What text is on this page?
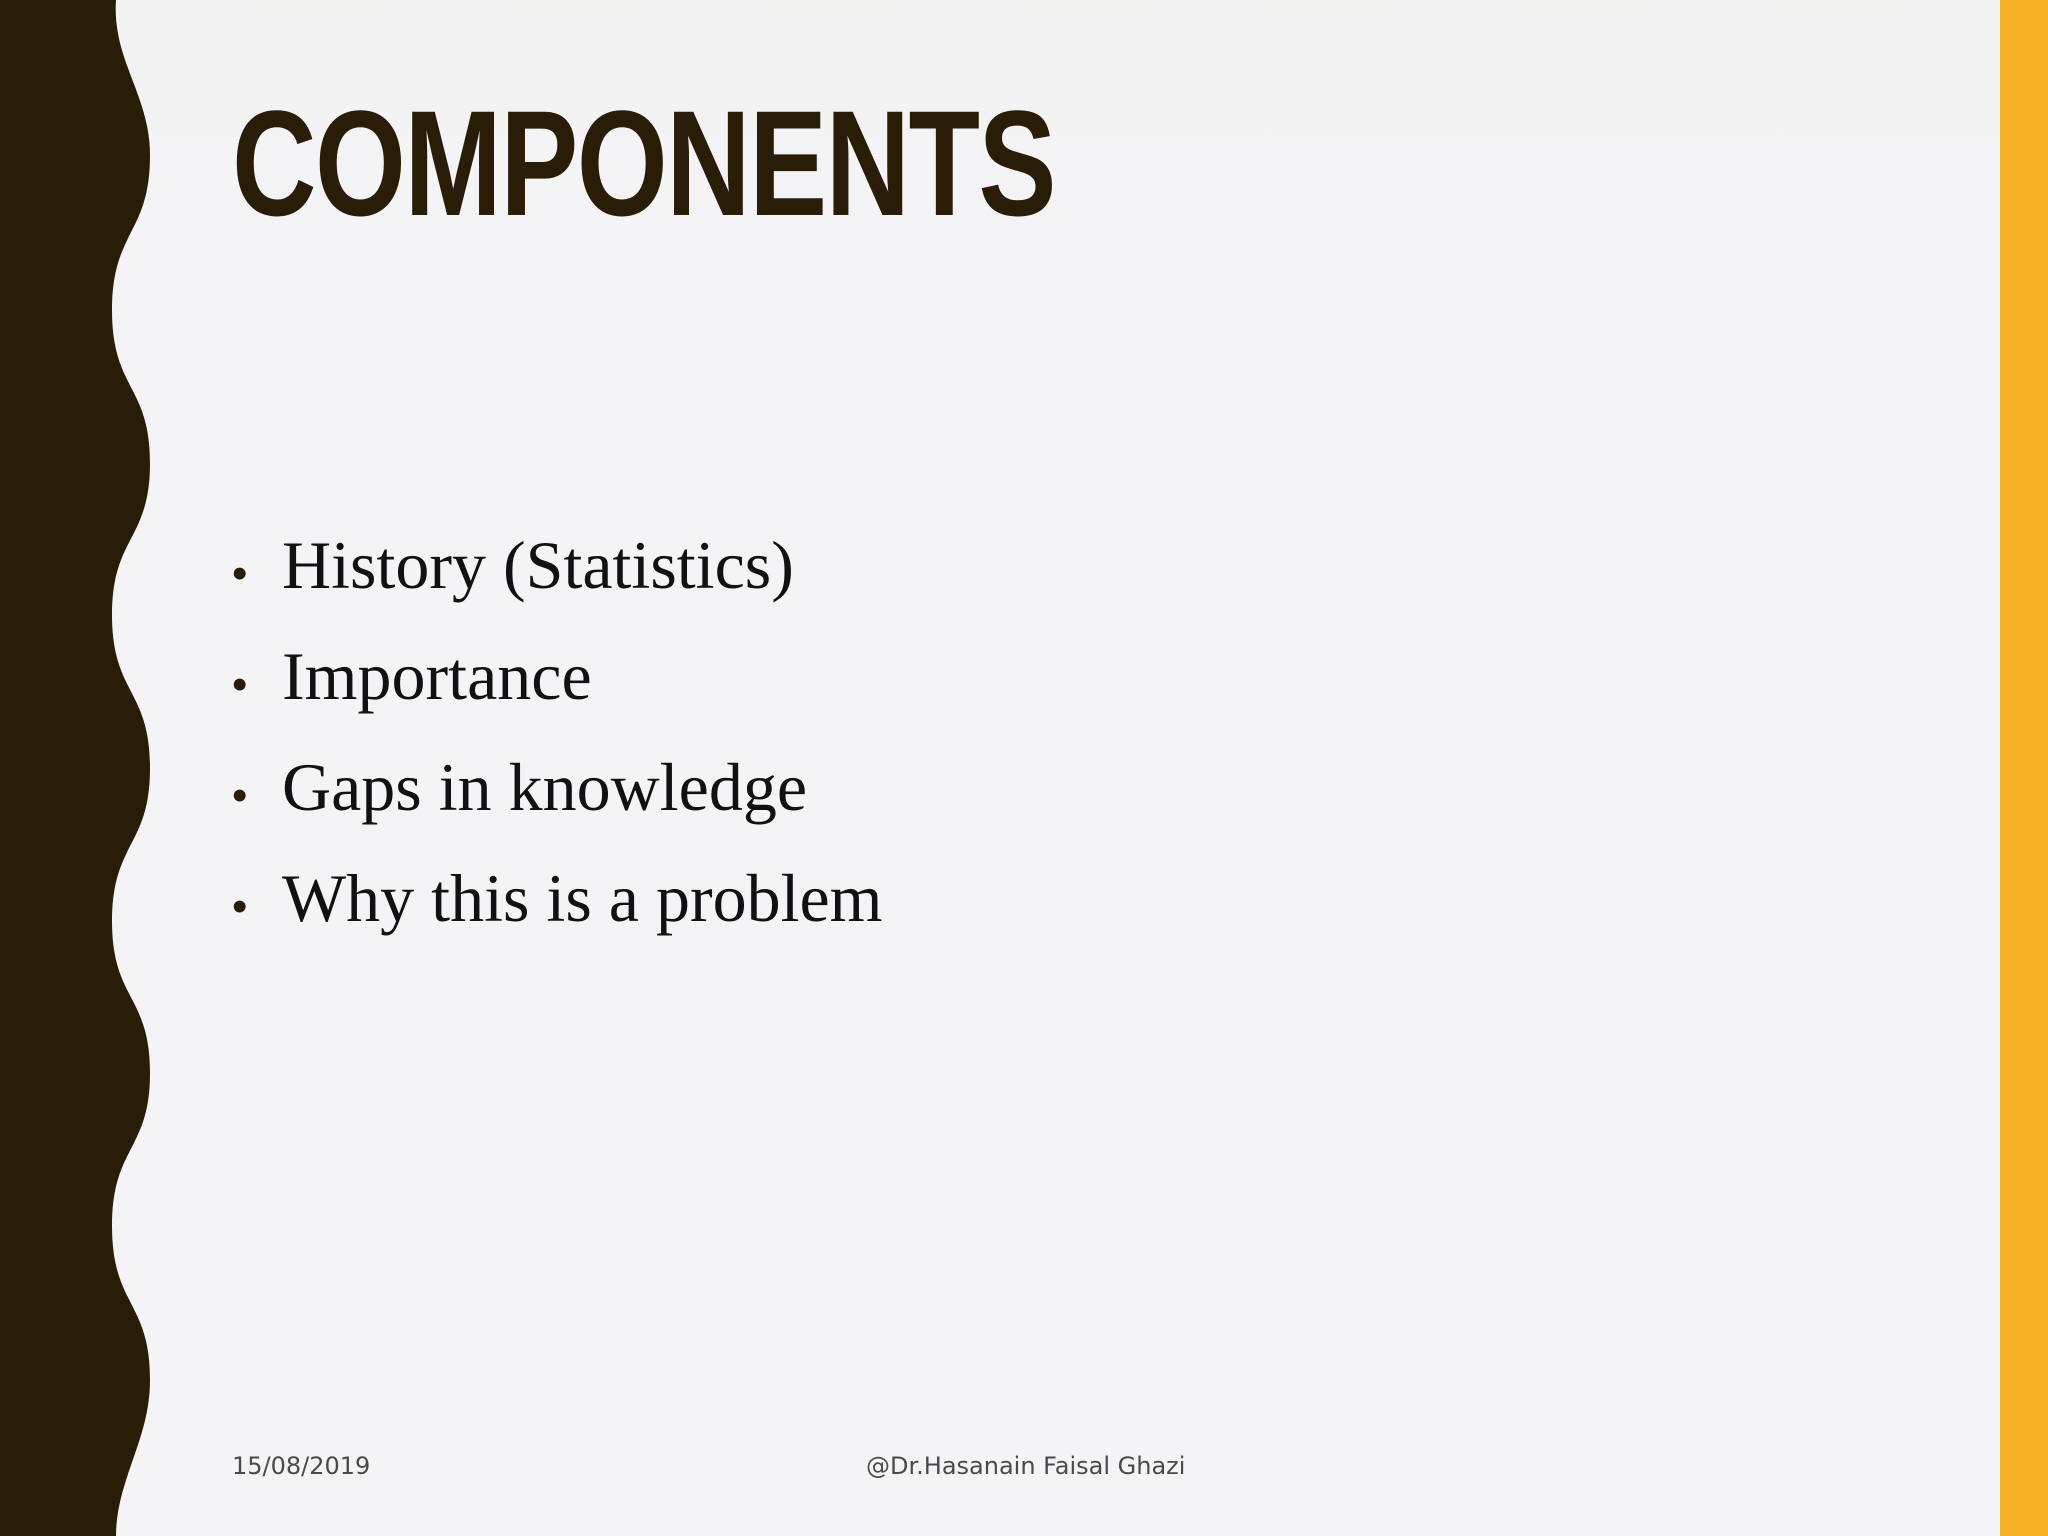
COMPONENTS
• History (Statistics)
• Importance
• Gaps in knowledge
• Why this is a problem
15/08/2019	@Dr.Hasanain Faisal Ghazi
